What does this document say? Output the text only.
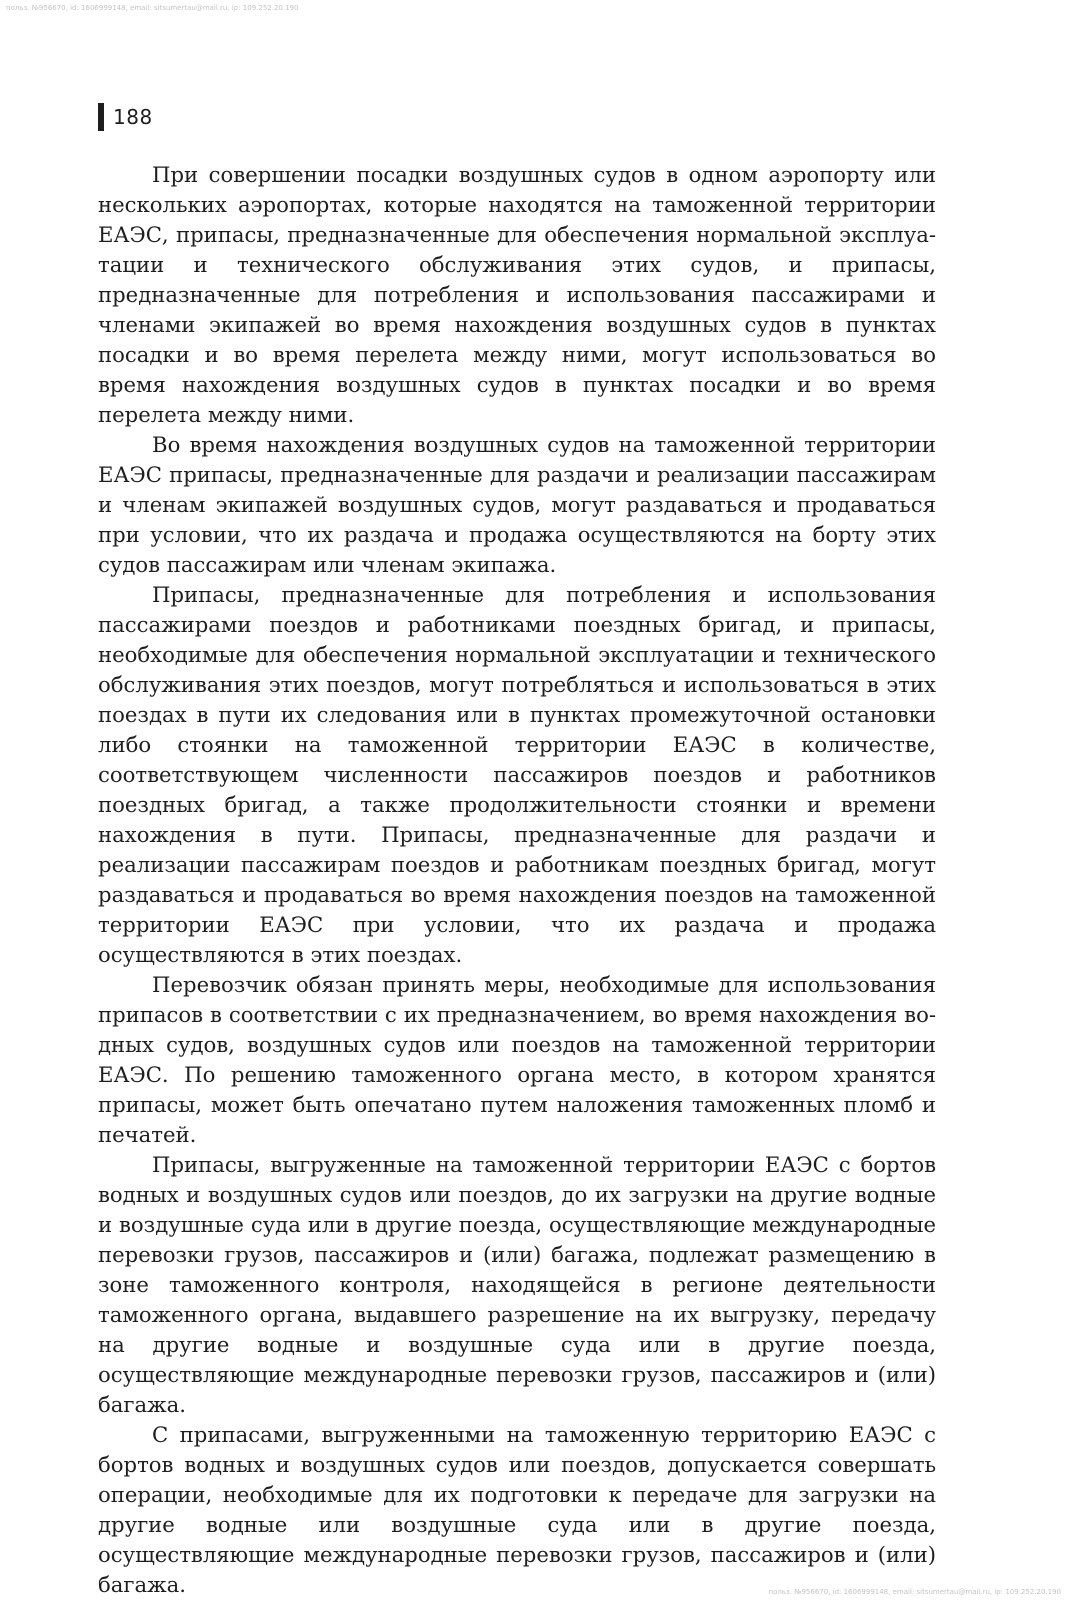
польз. №956670, id: 1606999148, email: sitsumertau@mail.ru, ip: 109.252.20.190
188

При совершении посадки воздушных судов в одном аэропорту или нескольких аэропортах, которые находятся на таможенной территории ЕАЭС, припасы, предназначенные для обеспечения нормальной эксплуатации и технического обслуживания этих судов, и припасы, предназначенные для потребления и использования пассажирами и членами экипажей во время нахождения воздушных судов в пунктах посадки и во время перелета между ними, могут использоваться во время нахождения воздушных судов в пунктах посадки и во время перелета между ними.

Во время нахождения воздушных судов на таможенной территории ЕАЭС припасы, предназначенные для раздачи и реализации пассажирам и членам экипажей воздушных судов, могут раздаваться и продаваться при условии, что их раздача и продажа осуществляются на борту этих судов пассажирам или членам экипажа.

Припасы, предназначенные для потребления и использования пассажирами поездов и работниками поездных бригад, и припасы, необходимые для обеспечения нормальной эксплуатации и технического обслуживания этих поездов, могут потребляться и использоваться в этих поездах в пути их следования или в пунктах промежуточной остановки либо стоянки на таможенной территории ЕАЭС в количестве, соответствующем численности пассажиров поездов и работников поездных бригад, а также продолжительности стоянки и времени нахождения в пути. Припасы, предназначенные для раздачи и реализации пассажирам поездов и работникам поездных бригад, могут раздаваться и продаваться во время нахождения поездов на таможенной территории ЕАЭС при условии, что их раздача и продажа осуществляются в этих поездах.

Перевозчик обязан принять меры, необходимые для использования припасов в соответствии с их предназначением, во время нахождения водных судов, воздушных судов или поездов на таможенной территории ЕАЭС. По решению таможенного органа место, в котором хранятся припасы, может быть опечатано путем наложения таможенных пломб и печатей.

Припасы, выгруженные на таможенной территории ЕАЭС с бортов водных и воздушных судов или поездов, до их загрузки на другие водные и воздушные суда или в другие поезда, осуществляющие международные перевозки грузов, пассажиров и (или) багажа, подлежат размещению в зоне таможенного контроля, находящейся в регионе деятельности таможенного органа, выдавшего разрешение на их выгрузку, передачу на другие водные и воздушные суда или в другие поезда, осуществляющие международные перевозки грузов, пассажиров и (или) багажа.

С припасами, выгруженными на таможенную территорию ЕАЭС с бортов водных и воздушных судов или поездов, допускается совершать операции, необходимые для их подготовки к передаче для загрузки на другие водные или воздушные суда или в другие поезда, осуществляющие международные перевозки грузов, пассажиров и (или) багажа.	польз. №956670, id: 1606999148, email: sitsumertau@mail.ru, ip: 109.252.20.190
